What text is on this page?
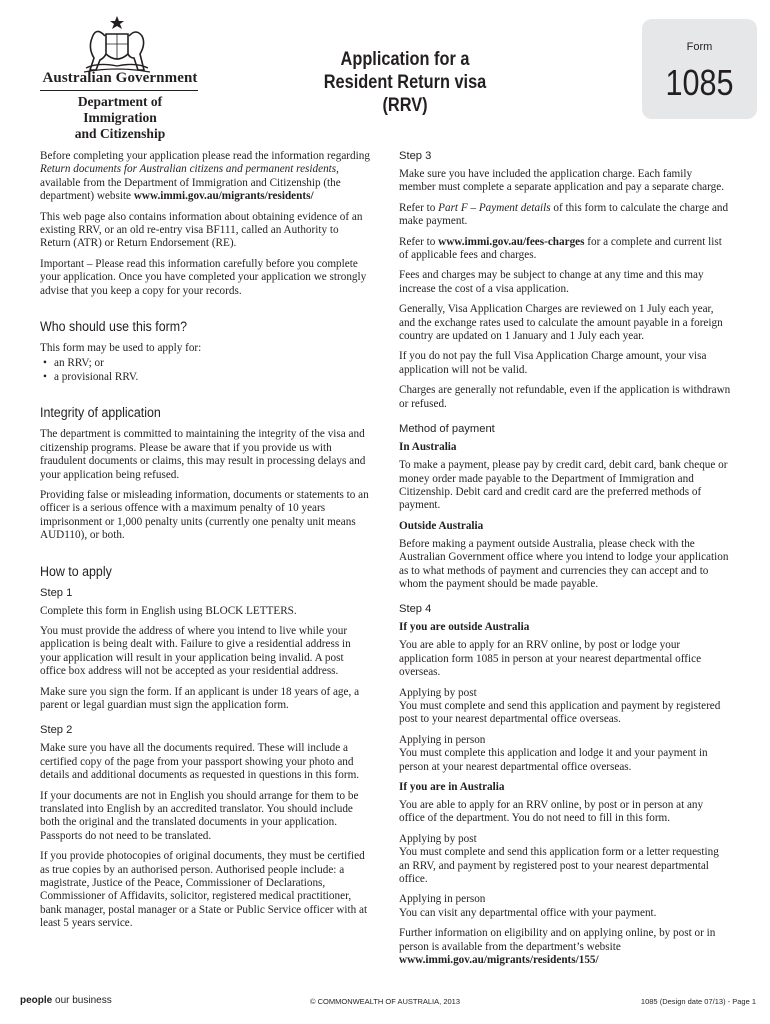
Australian Government
Department of Immigration
and Citizenship
Application for a
Resident Return visa (RRV)
Form
1085

Before completing your application please read the information regarding Return documents for Australian citizens and permanent residents, available from the Department of Immigration and Citizenship (the department) website www.immi.gov.au/migrants/residents/

This web page also contains information about obtaining evidence of an existing RRV, or an old re-entry visa BF111, called an Authority to Return (ATR) or Return Endorsement (RE).

Important – Please read this information carefully before you complete your application. Once you have completed your application we strongly advise that you keep a copy for your records.

Who should use this form?

This form may be used to apply for:

• an RRV; or
• a provisional RRV.
Integrity of application

The department is committed to maintaining the integrity of the visa and citizenship programs. Please be aware that if you provide us with fraudulent documents or claims, this may result in processing delays and your application being refused.

Providing false or misleading information, documents or statements to an officer is a serious offence with a maximum penalty of 10 years imprisonment or 1,000 penalty units (currently one penalty unit means AUD110), or both.

How to apply
Step 1

Complete this form in English using BLOCK LETTERS.

You must provide the address of where you intend to live while your application is being dealt with. Failure to give a residential address in your application will result in your application being invalid. A post office box address will not be accepted as your residential address.

Make sure you sign the form. If an applicant is under 18 years of age, a parent or legal guardian must sign the application form.

Step 2

Make sure you have all the documents required. These will include a certified copy of the page from your passport showing your photo and details and additional documents as requested in questions in this form.

If your documents are not in English you should arrange for them to be translated into English by an accredited translator. You should include both the original and the translated documents in your application. Passports do not need to be translated.

If you provide photocopies of original documents, they must be certified as true copies by an authorised person. Authorised people include: a magistrate, Justice of the Peace, Commissioner of Declarations, Commissioner of Affidavits, solicitor, registered medical practitioner, bank manager, postal manager or a State or Public Service officer with at least 5 years service.

Step 3

Make sure you have included the application charge. Each family member must complete a separate application and pay a separate charge.

Refer to Part F – Payment details of this form to calculate the charge and make payment.

Refer to www.immi.gov.au/fees-charges for a complete and current list of applicable fees and charges.

Fees and charges may be subject to change at any time and this may increase the cost of a visa application.

Generally, Visa Application Charges are reviewed on 1 July each year, and the exchange rates used to calculate the amount payable in a foreign country are updated on 1 January and 1 July each year.

If you do not pay the full Visa Application Charge amount, your visa application will not be valid.

Charges are generally not refundable, even if the application is withdrawn or refused.

Method of payment
In Australia

To make a payment, please pay by credit card, debit card, bank cheque or money order made payable to the Department of Immigration and Citizenship. Debit card and credit card are the preferred methods of payment.

Outside Australia

Before making a payment outside Australia, please check with the Australian Government office where you intend to lodge your application as to what methods of payment and currencies they can accept and to whom the payment should be made payable.

Step 4
If you are outside Australia

You are able to apply for an RRV online, by post or lodge your application form 1085 in person at your nearest departmental office overseas.

Applying by post
You must complete and send this application and payment by registered post to your nearest departmental office overseas.

Applying in person
You must complete this application and lodge it and your payment in person at your nearest departmental office overseas.

If you are in Australia

You are able to apply for an RRV online, by post or in person at any office of the department. You do not need to fill in this form.

Applying by post
You must complete and send this application form or a letter requesting an RRV, and payment by registered post to your nearest departmental office.

Applying in person
You can visit any departmental office with your payment.

Further information on eligibility and on applying online, by post or in person is available from the department’s website www.immi.gov.au/migrants/residents/155/

people our business	© COMMONWEALTH OF AUSTRALIA, 2013	1085 (Design date 07/13) - Page 1
